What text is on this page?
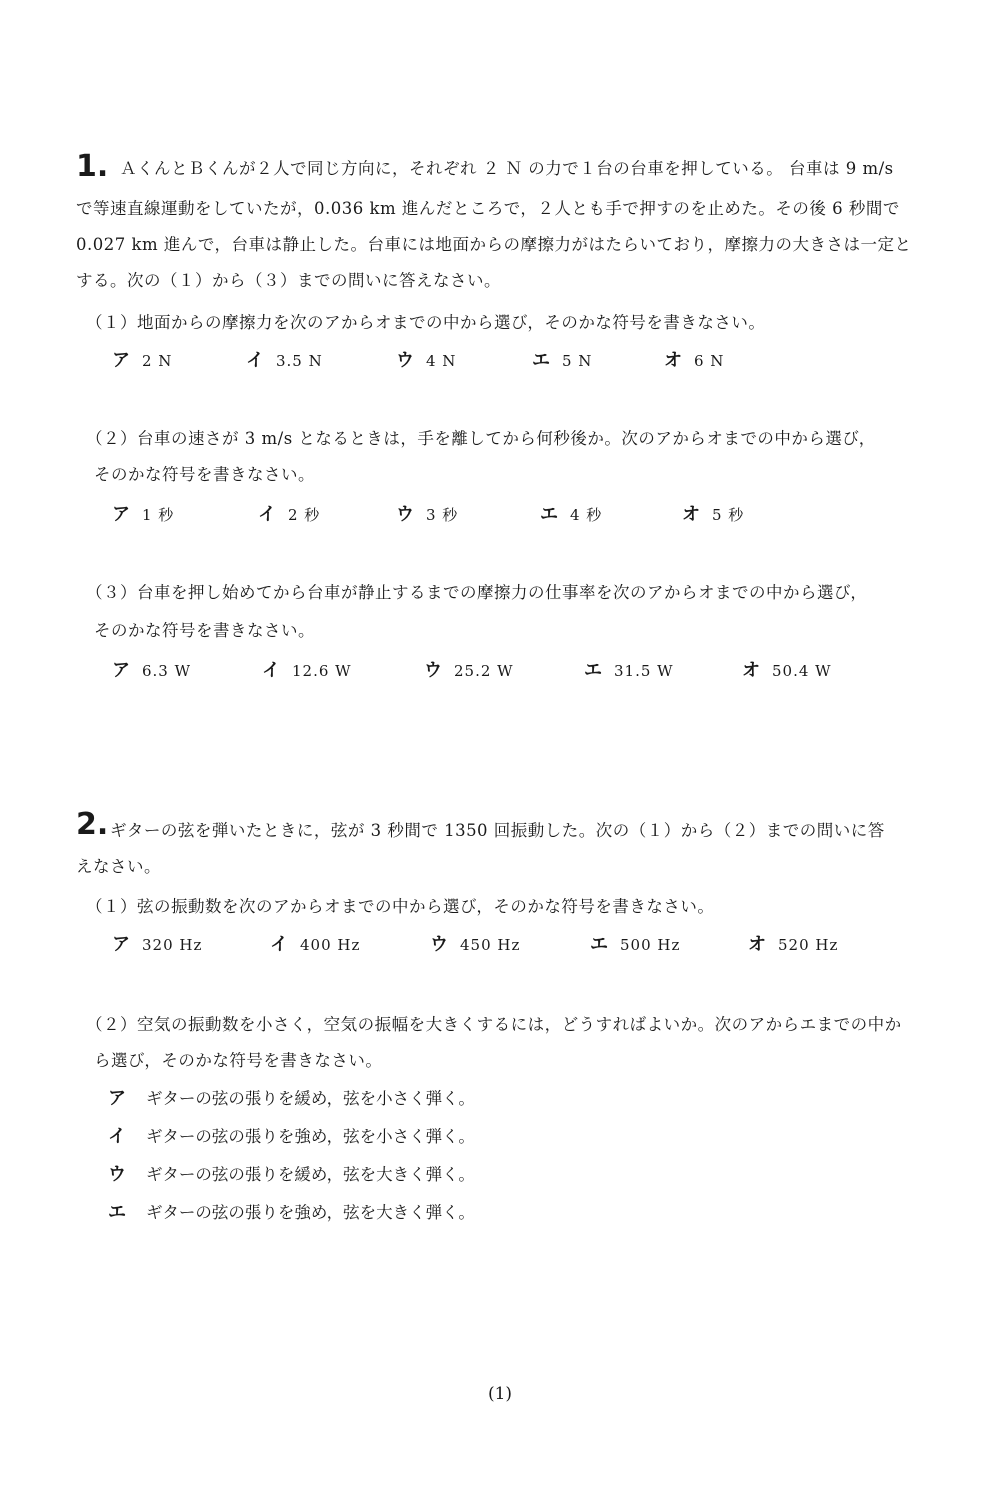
1. ＡくんとＢくんが２人で同じ方向に，それぞれ ２ Ｎ の力で１台の台車を押している。 台車は 9 m/s
で等速直線運動をしていたが，0.036 km 進んだところで，２人とも手で押すのを止めた。その後 6 秒間で
0.027 km 進んで，台車は静止した。台車には地面からの摩擦力がはたらいており，摩擦力の大きさは一定と
する。次の（１）から（３）までの問いに答えなさい。
（１）地面からの摩擦力を次のアからオまでの中から選び，そのかな符号を書きなさい。
ア 2 N	イ 3.5 N	ウ 4 N	エ 5 N	オ 6 N
（２）台車の速さが 3 m/s となるときは，手を離してから何秒後か。次のアからオまでの中から選び，
そのかな符号を書きなさい。
ア 1 秒	イ 2 秒	ウ 3 秒	エ 4 秒	オ 5 秒
（３）台車を押し始めてから台車が静止するまでの摩擦力の仕事率を次のアからオまでの中から選び，
そのかな符号を書きなさい。
ア 6.3 W	イ 12.6 W	ウ 25.2 W	エ 31.5 W	オ 50.4 W
2. ギターの弦を弾いたときに，弦が 3 秒間で 1350 回振動した。次の（１）から（２）までの問いに答
えなさい。
（１）弦の振動数を次のアからオまでの中から選び，そのかな符号を書きなさい。
ア 320 Hz	イ 400 Hz	ウ 450 Hz	エ 500 Hz	オ 520 Hz
（２）空気の振動数を小さく，空気の振幅を大きくするには，どうすればよいか。次のアからエまでの中か
ら選び，そのかな符号を書きなさい。
ア ギターの弦の張りを緩め，弦を小さく弾く。
イ ギターの弦の張りを強め，弦を小さく弾く。
ウ ギターの弦の張りを緩め，弦を大きく弾く。
エ ギターの弦の張りを強め，弦を大きく弾く。
(1)
